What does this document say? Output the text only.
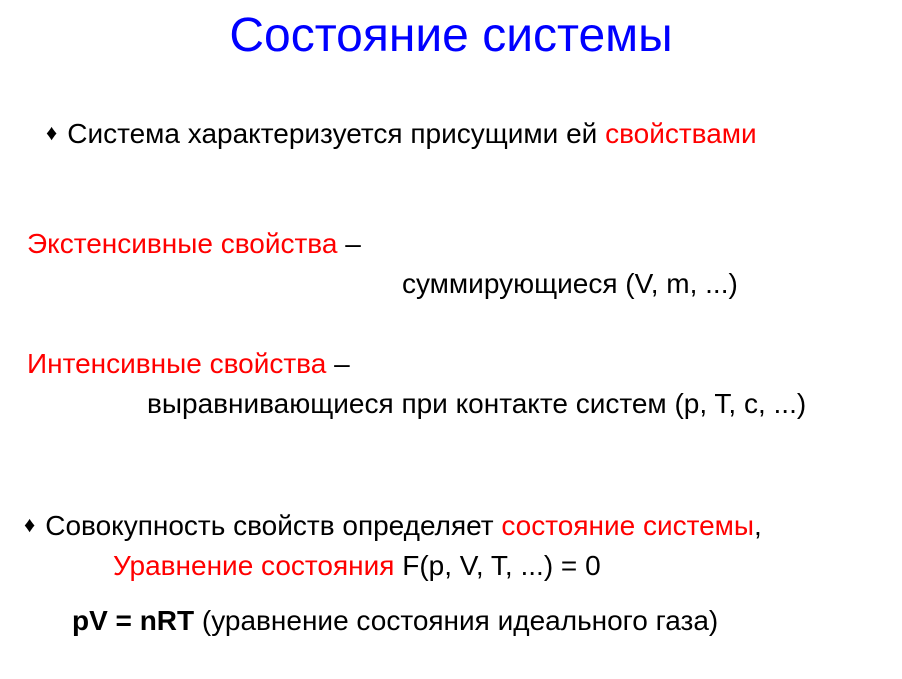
Состояние системы
♦ Система характеризуется присущими ей свойствами
Экстенсивные свойства –
суммирующиеся (V, m, ...)
Интенсивные свойства –
выравнивающиеся при контакте систем (p, T, c, ...)
♦ Совокупность свойств определяет состояние системы,
Уравнение состояния F(p, V, T, ...) = 0
pV = nRT (уравнение состояния идеального газа)
